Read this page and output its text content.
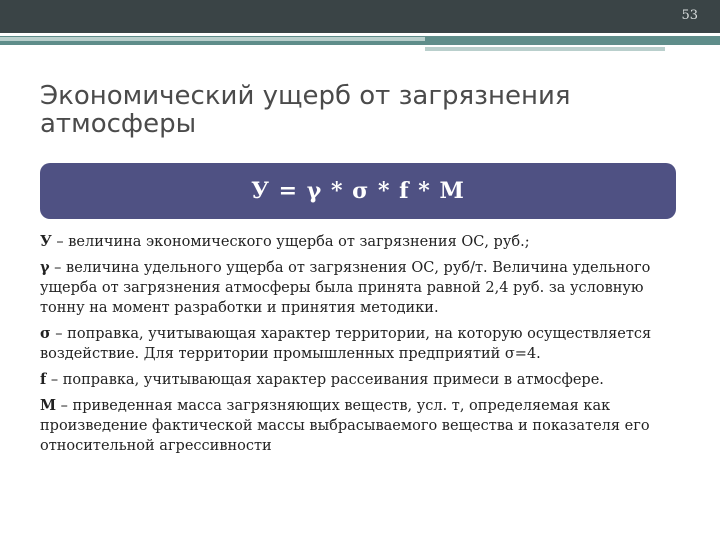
53
Экономический ущерб от загрязнения атмосферы
У = γ * σ * f * М
У – величина экономического ущерба от загрязнения ОС, руб.;
γ – величина удельного ущерба от загрязнения ОС, руб/т. Величина удельного ущерба от загрязнения атмосферы была принята равной 2,4 руб. за условную тонну на момент разработки и принятия методики.
σ – поправка, учитывающая характер территории, на которую осуществляется воздействие. Для территории промышленных предприятий σ=4.
f – поправка, учитывающая характер рассеивания примеси в атмосфере.
М – приведенная масса загрязняющих веществ, усл. т, определяемая как произведение фактической массы выбрасываемого вещества и показателя его относительной агрессивности
